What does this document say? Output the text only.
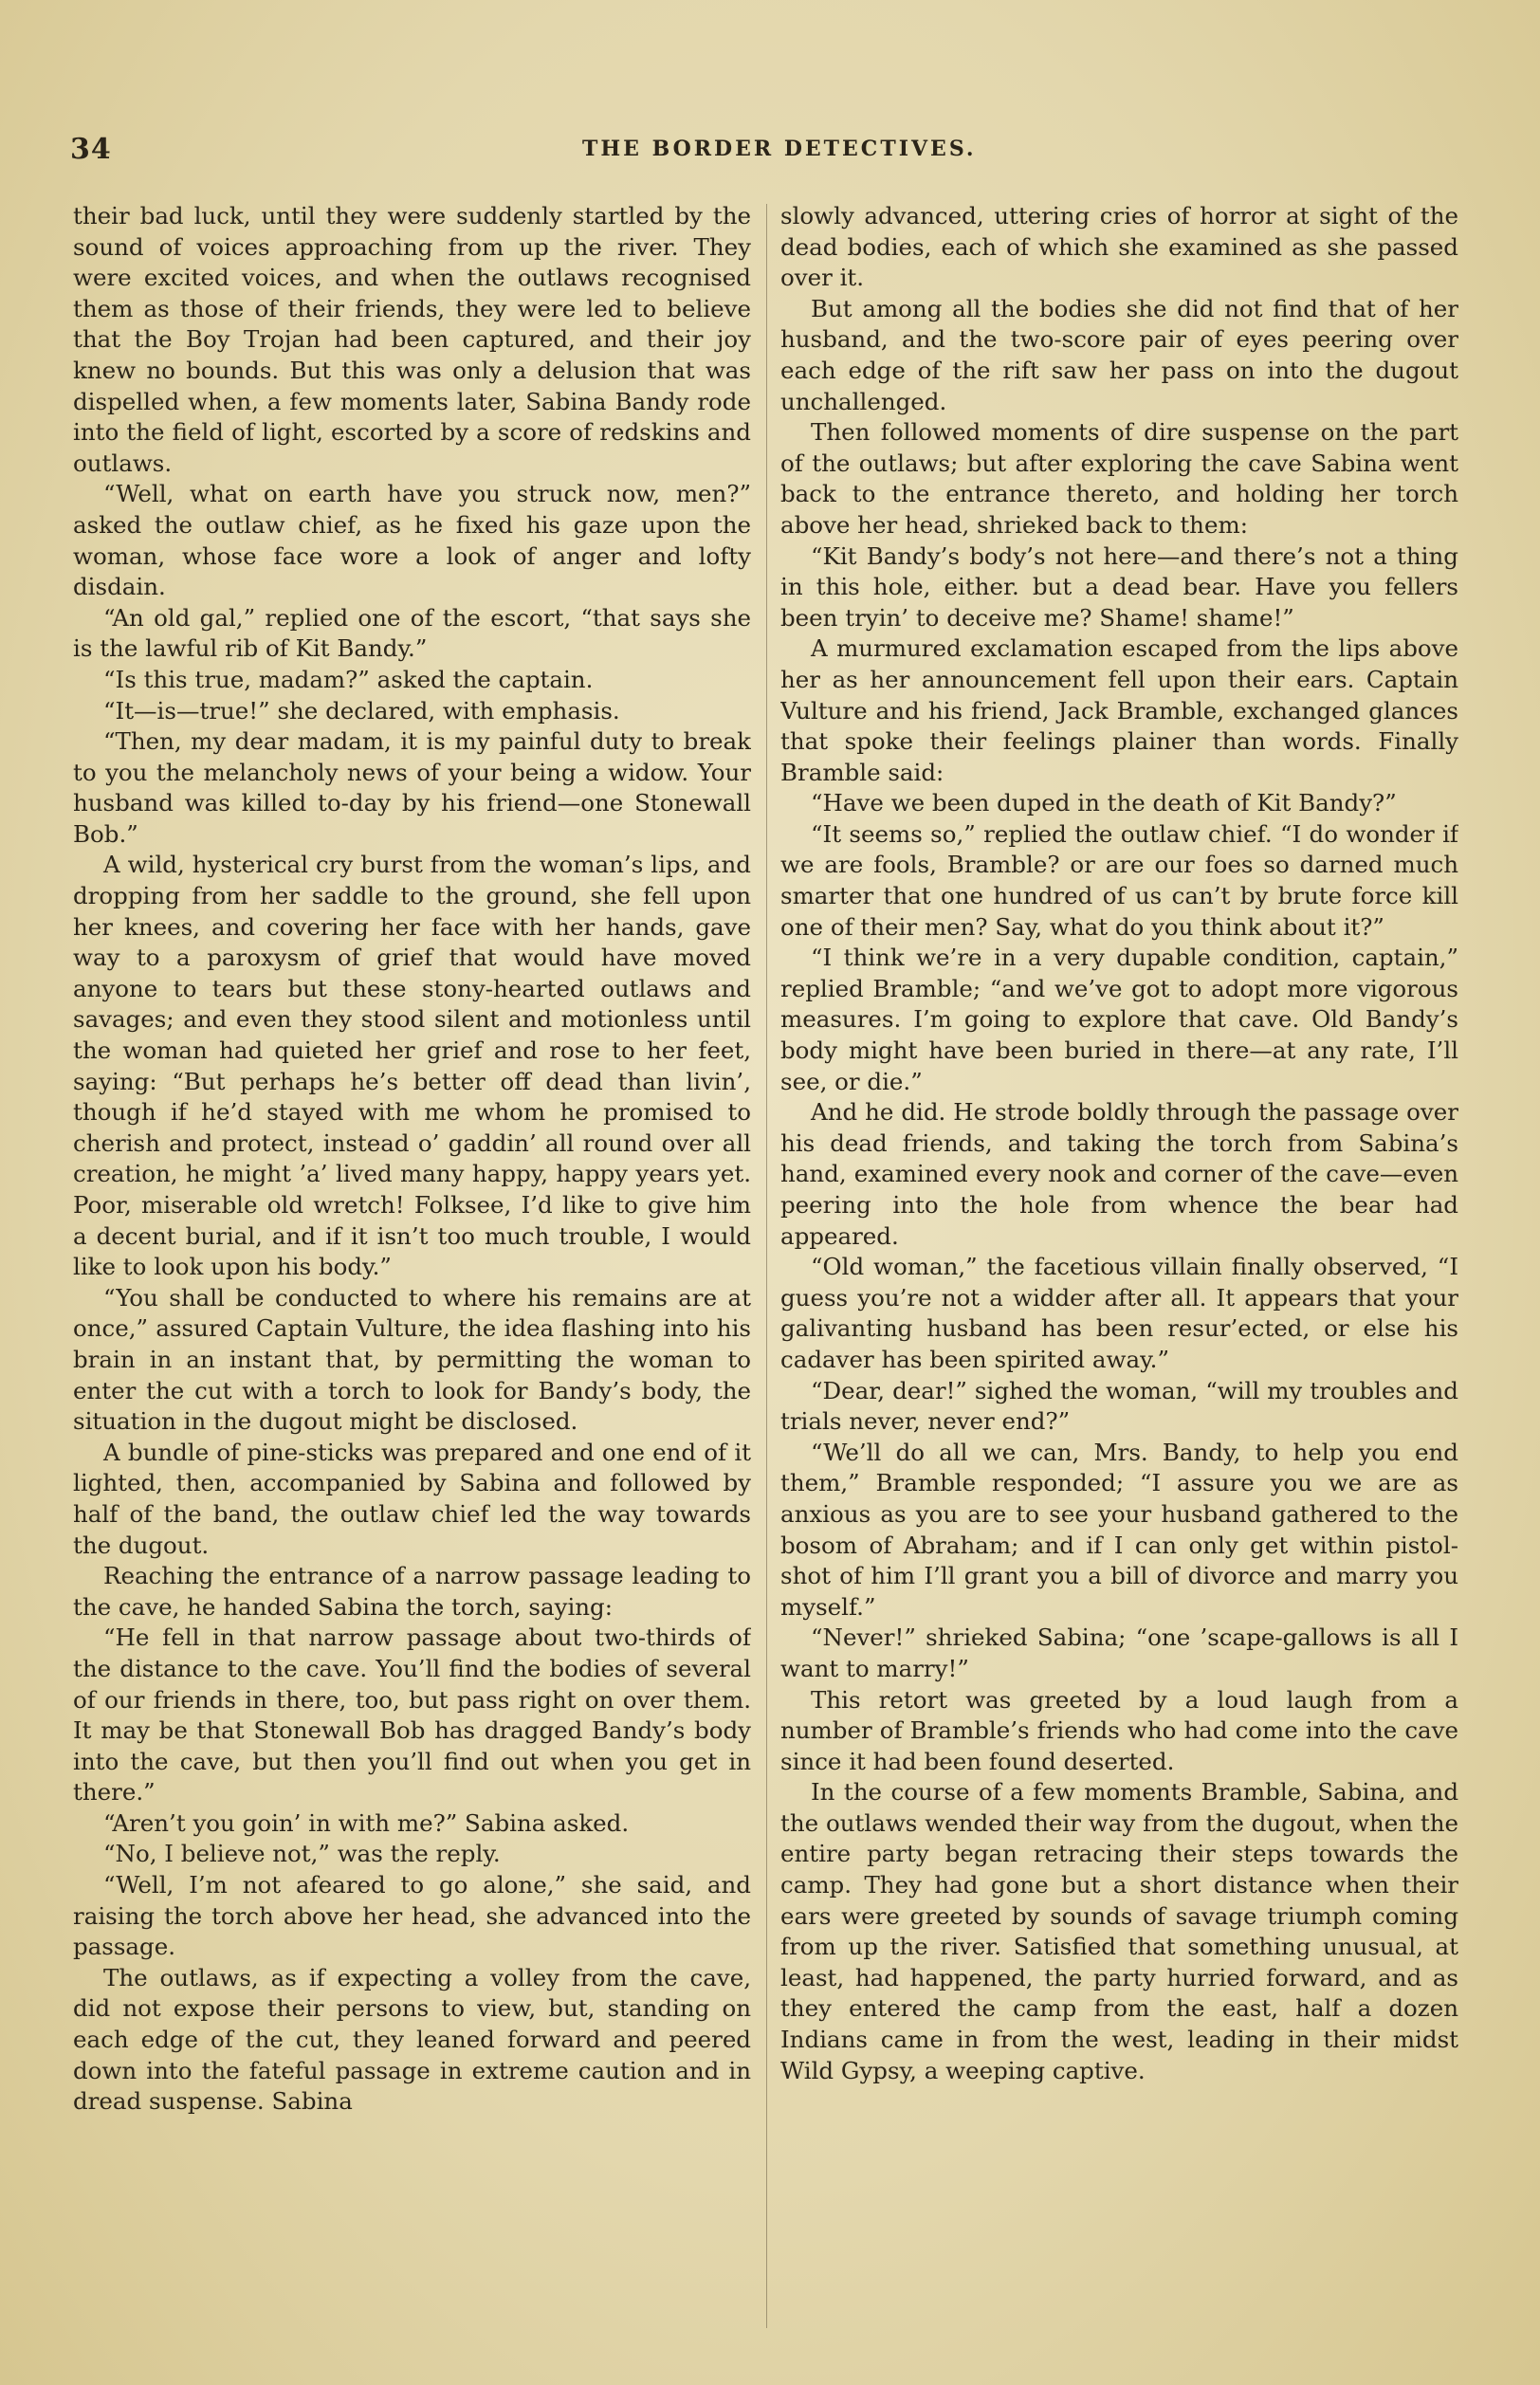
34	THE BORDER DETECTIVES.

their bad luck, until they were suddenly startled by the sound of voices approaching from up the river. They were excited voices, and when the outlaws recognised them as those of their friends, they were led to believe that the Boy Trojan had been captured, and their joy knew no bounds. But this was only a delusion that was dispelled when, a few moments later, Sabina Bandy rode into the field of light, escorted by a score of redskins and outlaws.

“Well, what on earth have you struck now, men?” asked the outlaw chief, as he fixed his gaze upon the woman, whose face wore a look of anger and lofty disdain.

“An old gal,” replied one of the escort, “that says she is the lawful rib of Kit Bandy.”

“Is this true, madam?” asked the captain.

“It—is—true!” she declared, with emphasis.

“Then, my dear madam, it is my painful duty to break to you the melancholy news of your being a widow. Your husband was killed to-day by his friend—one Stonewall Bob.”

A wild, hysterical cry burst from the woman’s lips, and dropping from her saddle to the ground, she fell upon her knees, and covering her face with her hands, gave way to a paroxysm of grief that would have moved anyone to tears but these stony-hearted outlaws and savages; and even they stood silent and motionless until the woman had quieted her grief and rose to her feet, saying: “But perhaps he’s better off dead than livin’, though if he’d stayed with me whom he promised to cherish and protect, instead o’ gaddin’ all round over all creation, he might ’a’ lived many happy, happy years yet. Poor, miserable old wretch! Folksee, I’d like to give him a decent burial, and if it isn’t too much trouble, I would like to look upon his body.”

“You shall be conducted to where his remains are at once,” assured Captain Vulture, the idea flashing into his brain in an instant that, by permitting the woman to enter the cut with a torch to look for Bandy’s body, the situation in the dugout might be disclosed.

A bundle of pine-sticks was prepared and one end of it lighted, then, accompanied by Sabina and followed by half of the band, the outlaw chief led the way towards the dugout.

Reaching the entrance of a narrow passage leading to the cave, he handed Sabina the torch, saying:

“He fell in that narrow passage about two-thirds of the distance to the cave. You’ll find the bodies of several of our friends in there, too, but pass right on over them. It may be that Stonewall Bob has dragged Bandy’s body into the cave, but then you’ll find out when you get in there.”

“Aren’t you goin’ in with me?” Sabina asked.

“No, I believe not,” was the reply.

“Well, I’m not afeared to go alone,” she said, and raising the torch above her head, she advanced into the passage.

The outlaws, as if expecting a volley from the cave, did not expose their persons to view, but, standing on each edge of the cut, they leaned forward and peered down into the fateful passage in extreme caution and in dread suspense. Sabina

slowly advanced, uttering cries of horror at sight of the dead bodies, each of which she examined as she passed over it.

But among all the bodies she did not find that of her husband, and the two-score pair of eyes peering over each edge of the rift saw her pass on into the dugout unchallenged.

Then followed moments of dire suspense on the part of the outlaws; but after exploring the cave Sabina went back to the entrance thereto, and holding her torch above her head, shrieked back to them:

“Kit Bandy’s body’s not here—and there’s not a thing in this hole, either. but a dead bear. Have you fellers been tryin’ to deceive me? Shame! shame!”

A murmured exclamation escaped from the lips above her as her announcement fell upon their ears. Captain Vulture and his friend, Jack Bramble, exchanged glances that spoke their feelings plainer than words. Finally Bramble said:

“Have we been duped in the death of Kit Bandy?”

“It seems so,” replied the outlaw chief. “I do wonder if we are fools, Bramble? or are our foes so darned much smarter that one hundred of us can’t by brute force kill one of their men? Say, what do you think about it?”

“I think we’re in a very dupable condition, captain,” replied Bramble; “and we’ve got to adopt more vigorous measures. I’m going to explore that cave. Old Bandy’s body might have been buried in there—at any rate, I’ll see, or die.”

And he did. He strode boldly through the passage over his dead friends, and taking the torch from Sabina’s hand, examined every nook and corner of the cave—even peering into the hole from whence the bear had appeared.

“Old woman,” the facetious villain finally observed, “I guess you’re not a widder after all. It appears that your galivanting husband has been resur’ected, or else his cadaver has been spirited away.”

“Dear, dear!” sighed the woman, “will my troubles and trials never, never end?”

“We’ll do all we can, Mrs. Bandy, to help you end them,” Bramble responded; “I assure you we are as anxious as you are to see your husband gathered to the bosom of Abraham; and if I can only get within pistol-shot of him I’ll grant you a bill of divorce and marry you myself.”

“Never!” shrieked Sabina; “one ’scape-gallows is all I want to marry!”

This retort was greeted by a loud laugh from a number of Bramble’s friends who had come into the cave since it had been found deserted.

In the course of a few moments Bramble, Sabina, and the outlaws wended their way from the dugout, when the entire party began retracing their steps towards the camp. They had gone but a short distance when their ears were greeted by sounds of savage triumph coming from up the river. Satisfied that something unusual, at least, had happened, the party hurried forward, and as they entered the camp from the east, half a dozen Indians came in from the west, leading in their midst Wild Gypsy, a weeping captive.
